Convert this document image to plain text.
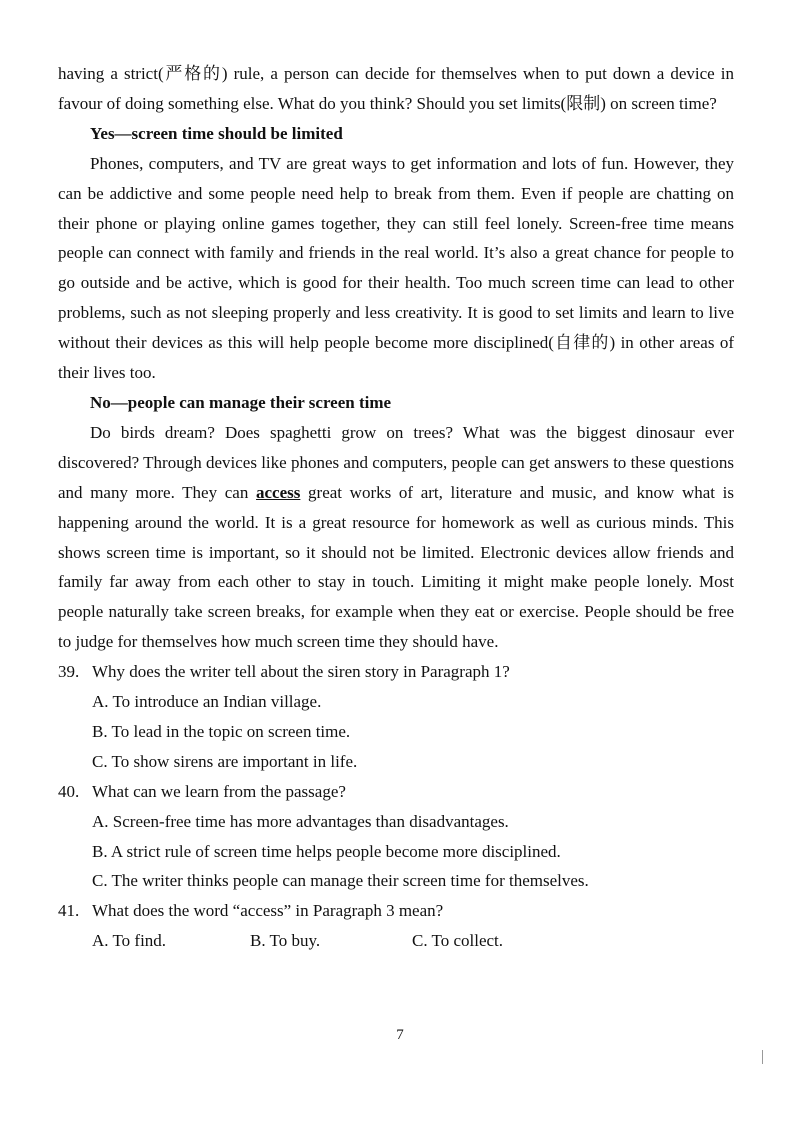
having a strict(严格的) rule, a person can decide for themselves when to put down a device in favour of doing something else. What do you think? Should you set limits(限制) on screen time?

Yes—screen time should be limited

Phones, computers, and TV are great ways to get information and lots of fun. However, they can be addictive and some people need help to break from them. Even if people are chatting on their phone or playing online games together, they can still feel lonely. Screen-free time means people can connect with family and friends in the real world. It’s also a great chance for people to go outside and be active, which is good for their health. Too much screen time can lead to other problems, such as not sleeping properly and less creativity. It is good to set limits and learn to live without their devices as this will help people become more disciplined(自律的) in other areas of their lives too.

No—people can manage their screen time

Do birds dream? Does spaghetti grow on trees? What was the biggest dinosaur ever discovered? Through devices like phones and computers, people can get answers to these questions and many more. They can access great works of art, literature and music, and know what is happening around the world. It is a great resource for homework as well as curious minds. This shows screen time is important, so it should not be limited. Electronic devices allow friends and family far away from each other to stay in touch. Limiting it might make people lonely. Most people naturally take screen breaks, for example when they eat or exercise. People should be free to judge for themselves how much screen time they should have.

39. Why does the writer tell about the siren story in Paragraph 1?

A. To introduce an Indian village.

B. To lead in the topic on screen time.

C. To show sirens are important in life.

40. What can we learn from the passage?

A. Screen-free time has more advantages than disadvantages.

B. A strict rule of screen time helps people become more disciplined.

C. The writer thinks people can manage their screen time for themselves.

41. What does the word “access” in Paragraph 3 mean?
A. To find.	B. To buy.	C. To collect.
7
